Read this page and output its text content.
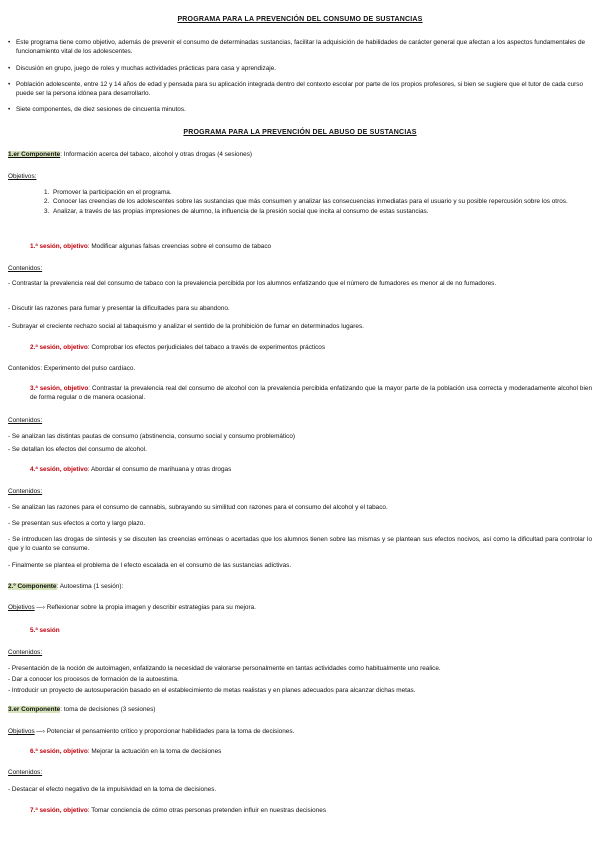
PROGRAMA PARA LA PREVENCIÓN DEL CONSUMO DE SUSTANCIAS
• Este programa tiene como objetivo, además de prevenir el consumo de determinadas sustancias, facilitar la adquisición de habilidades de carácter general que afectan a los aspectos fundamentales de funcionamiento vital de los adolescentes.
• Discusión en grupo, juego de roles y muchas actividades prácticas para casa y aprendizaje.
• Población adolescente, entre 12 y 14 años de edad y pensada para su aplicación integrada dentro del contexto escolar por parte de los propios profesores, si bien se sugiere que el tutor de cada curso puede ser la persona idónea para desarrollarlo.
• Siete componentes, de diez sesiones de cincuenta minutos.
PROGRAMA PARA LA PREVENCIÓN DEL ABUSO DE SUSTANCIAS
1.er Componente: Información acerca del tabaco, alcohol y otras drogas (4 sesiones)
Objetivos:
1. Promover la participación en el programa.
2. Conocer las creencias de los adolescentes sobre las sustancias que más consumen y analizar las consecuencias inmediatas para el usuario y su posible repercusión sobre los otros.
3. Analizar, a través de las propias impresiones de alumno, la influencia de la presión social que incita al consumo de estas sustancias.
1.ª sesión, objetivo: Modificar algunas falsas creencias sobre el consumo de tabaco
Contenidos:
- Contrastar la prevalencia real del consumo de tabaco con la prevalencia percibida por los alumnos enfatizando que el número de fumadores es menor al de no fumadores.
- Discutir las razones para fumar y presentar la dificultades para su abandono.
- Subrayar el creciente rechazo social al tabaquismo y analizar el sentido de la prohibición de fumar en determinados lugares.
2.ª sesión, objetivo: Comprobar los efectos perjudiciales del tabaco a través de experimentos prácticos
Contenidos: Experimento del pulso cardíaco.
3.ª sesión, objetivo: Contrastar la prevalencia real del consumo de alcohol con la prevalencia percibida enfatizando que la mayor parte de la población usa correcta y moderadamente alcohol bien de forma regular o de manera ocasional.
Contenidos:
- Se analizan las distintas pautas de consumo (abstinencia, consumo social y consumo problemático)
- Se detallan los efectos del consumo de alcohol.
4.ª sesión, objetivo: Abordar el consumo de marihuana y otras drogas
Contenidos:
- Se analizan las razones para el consumo de cannabis, subrayando su similitud con razones para el consumo del alcohol y el tabaco.
- Se presentan sus efectos a corto y largo plazo.
- Se introducen las drogas de síntesis y se discuten las creencias erróneas o acertadas que los alumnos tienen sobre las mismas y se plantean sus efectos nocivos, así como la dificultad para controlar lo que y lo cuanto se consume.
- Finalmente se plantea el problema de l efecto escalada en el consumo de las sustancias adictivas.
2.º Componente: Autoestima (1 sesión):
Objetivos —› Reflexionar sobre la propia imagen y describir estrategias para su mejora.
5.ª sesión
Contenidos:
- Presentación de la noción de autoimagen, enfatizando la necesidad de valorarse personalmente en tantas actividades como habitualmente uno realice.
- Dar a conocer los procesos de formación de la autoestima.
- Introducir un proyecto de autosuperación basado en el establecimiento de metas realistas y en planes adecuados para alcanzar dichas metas.
3.er Componente: toma de decisiones (3 sesiones)
Objetivos —› Potenciar el pensamiento crítico y proporcionar habilidades para la toma de decisiones.
6.ª sesión, objetivo: Mejorar la actuación en la toma de decisiones
Contenidos:
- Destacar el efecto negativo de la impulsividad en la toma de decisiones.
7.ª sesión, objetivo: Tomar conciencia de cómo otras personas pretenden influir en nuestras decisiones
